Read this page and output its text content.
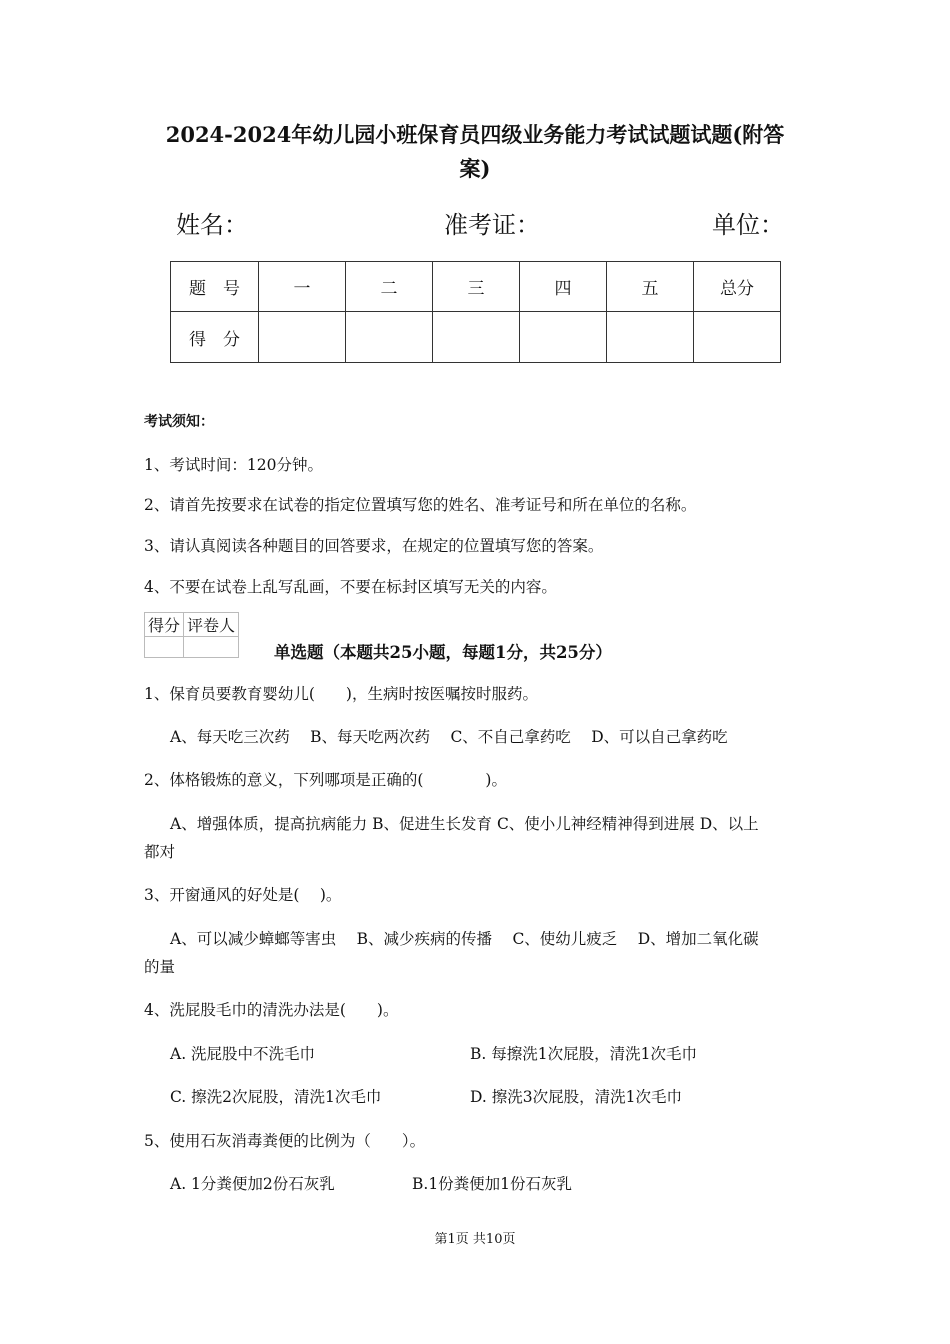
2024-2024年幼儿园小班保育员四级业务能力考试试题试题(附答
案)
姓名：	准考证：	单位：
题　号	一	二	三	四	五	总分
得　分						
考试须知：
1、考试时间：120分钟。
2、请首先按要求在试卷的指定位置填写您的姓名、准考证号和所在单位的名称。
3、请认真阅读各种题目的回答要求，在规定的位置填写您的答案。
4、不要在试卷上乱写乱画，不要在标封区填写无关的内容。
得分	评卷人

单选题（本题共25小题，每题1分，共25分）
1、保育员要教育婴幼儿(　　)，生病时按医嘱按时服药。
A、每天吃三次药　 B、每天吃两次药　 C、不自己拿药吃　 D、可以自己拿药吃
2、体格锻炼的意义，下列哪项是正确的(　　　　)。
A、增强体质，提高抗病能力 B、促进生长发育 C、使小儿神经精神得到进展 D、以上
都对
3、开窗通风的好处是(　 )。
A、可以减少蟑螂等害虫　 B、减少疾病的传播　 C、使幼儿疲乏　 D、增加二氧化碳
的量
4、洗屁股毛巾的清洗办法是(　　)。
A. 洗屁股中不洗毛巾	B. 每擦洗1次屁股，清洗1次毛巾
C. 擦洗2次屁股，清洗1次毛巾	D. 擦洗3次屁股，清洗1次毛巾
5、使用石灰消毒粪便的比例为（　　）。
A. 1分粪便加2份石灰乳	B.1份粪便加1份石灰乳
第1页 共10页
